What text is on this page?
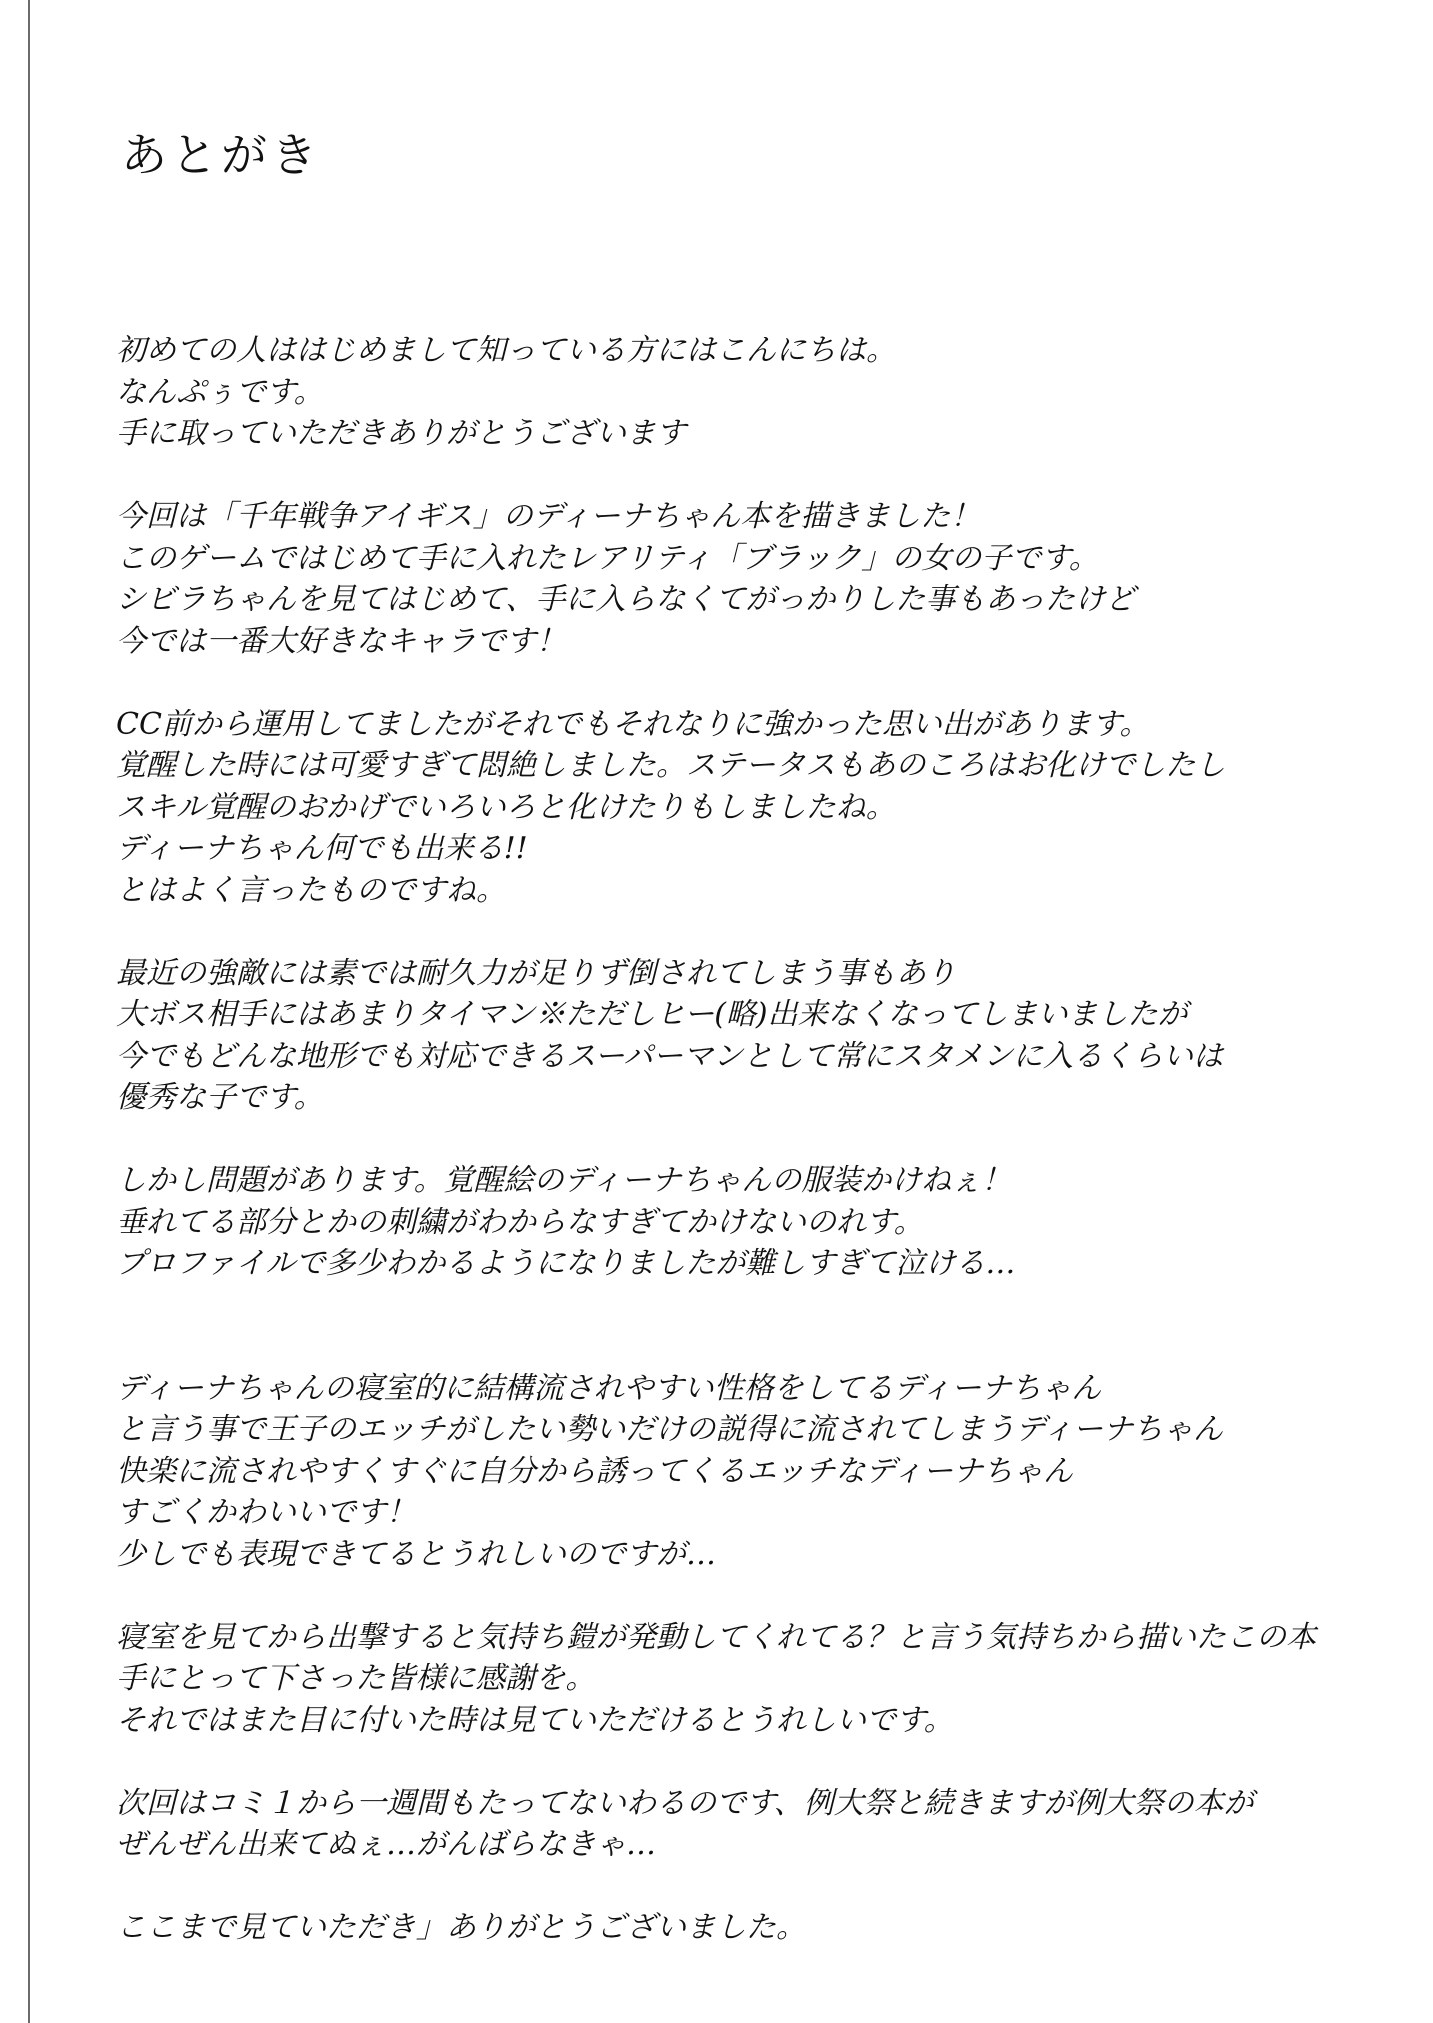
あとがき
初めての人ははじめまして知っている方にはこんにちは。
なんぷぅです。
手に取っていただきありがとうございます
今回は「千年戦争アイギス」のディーナちゃん本を描きました！
このゲームではじめて手に入れたレアリティ「ブラック」の女の子です。
シビラちゃんを見てはじめて、手に入らなくてがっかりした事もあったけど
今では一番大好きなキャラです！
CC前から運用してましたがそれでもそれなりに強かった思い出があります。
覚醒した時には可愛すぎて悶絶しました。ステータスもあのころはお化けでしたし
スキル覚醒のおかげでいろいろと化けたりもしましたね。
ディーナちゃん何でも出来る!!
とはよく言ったものですね。
最近の強敵には素では耐久力が足りず倒されてしまう事もあり
大ボス相手にはあまりタイマン※ただしヒー(略)出来なくなってしまいましたが
今でもどんな地形でも対応できるスーパーマンとして常にスタメンに入るくらいは
優秀な子です。
しかし問題があります。覚醒絵のディーナちゃんの服装かけねぇ！
垂れてる部分とかの刺繍がわからなすぎてかけないのれす。
プロファイルで多少わかるようになりましたが難しすぎて泣ける…
ディーナちゃんの寝室的に結構流されやすい性格をしてるディーナちゃん
と言う事で王子のエッチがしたい勢いだけの説得に流されてしまうディーナちゃん
快楽に流されやすくすぐに自分から誘ってくるエッチなディーナちゃん
すごくかわいいです！
少しでも表現できてるとうれしいのですが…
寝室を見てから出撃すると気持ち鎧が発動してくれてる？と言う気持ちから描いたこの本
手にとって下さった皆様に感謝を。
それではまた目に付いた時は見ていただけるとうれしいです。
次回はコミ１から一週間もたってないわるのです、例大祭と続きますが例大祭の本が
ぜんぜん出来てぬぇ…がんばらなきゃ…
ここまで見ていただき」ありがとうございました。
